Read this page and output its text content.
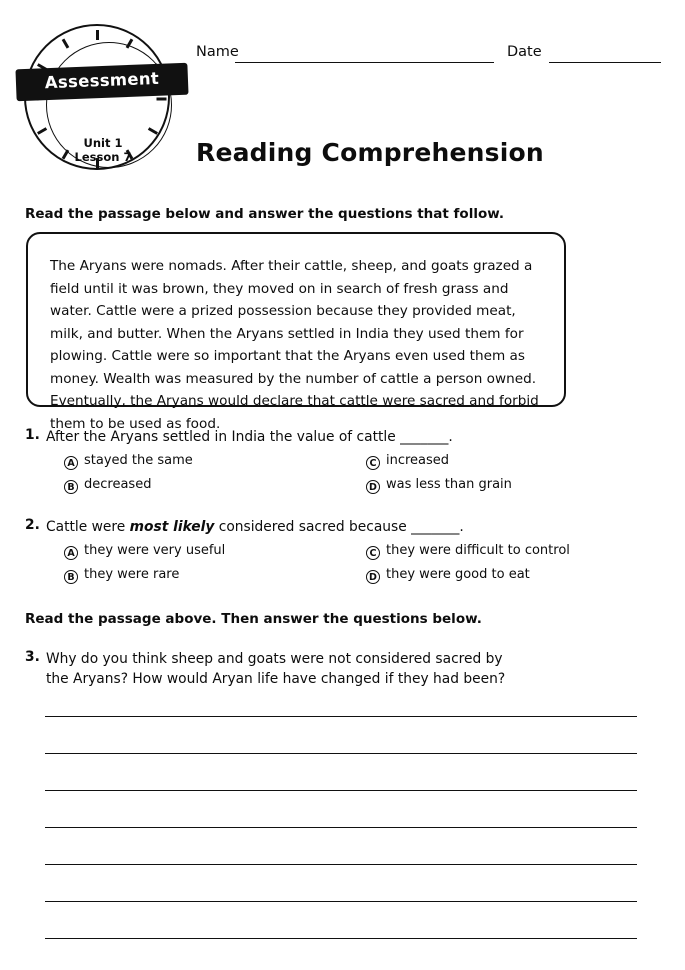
Assessment
Unit 1
Lesson 7
Name	Date
Reading Comprehension
Read the passage below and answer the questions that follow.
The Aryans were nomads. After their cattle, sheep, and goats grazed a field until it was brown, they moved on in search of fresh grass and water. Cattle were a prized possession because they provided meat, milk, and butter. When the Aryans settled in India they used them for plowing. Cattle were so important that the Aryans even used them as money. Wealth was measured by the number of cattle a person owned. Eventually, the Aryans would declare that cattle were sacred and forbid them to be used as food.
1. After the Aryans settled in India the value of cattle _______.
A stayed the same
B decreased
C increased
D was less than grain
2. Cattle were most likely considered sacred because _______.
A they were very useful
B they were rare
C they were difficult to control
D they were good to eat
Read the passage above. Then answer the questions below.
3. Why do you think sheep and goats were not considered sacred by the Aryans? How would Aryan life have changed if they had been?
